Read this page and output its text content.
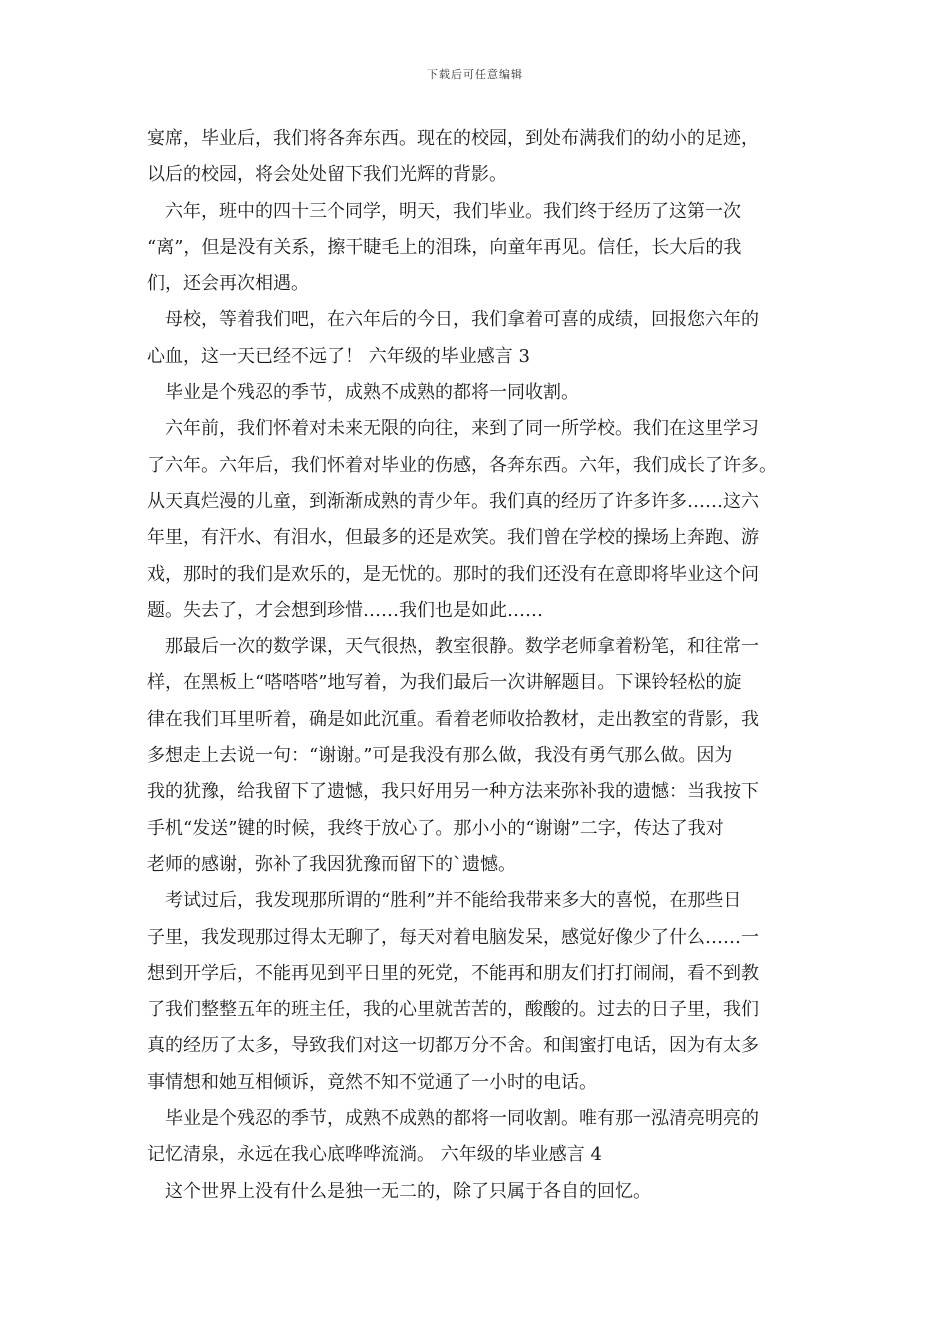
下载后可任意编辑
宴席，毕业后，我们将各奔东西。现在的校园，到处布满我们的幼小的足迹，
以后的校园，将会处处留下我们光辉的背影。
六年，班中的四十三个同学，明天，我们毕业。我们终于经历了这第一次
“离”，但是没有关系，擦干睫毛上的泪珠，向童年再见。信任，长大后的我
们，还会再次相遇。
母校，等着我们吧，在六年后的今日，我们拿着可喜的成绩，回报您六年的
心血，这一天已经不远了！ 六年级的毕业感言 3
毕业是个残忍的季节，成熟不成熟的都将一同收割。
六年前，我们怀着对未来无限的向往，来到了同一所学校。我们在这里学习
了六年。六年后，我们怀着对毕业的伤感，各奔东西。六年，我们成长了许多。
从天真烂漫的儿童，到渐渐成熟的青少年。我们真的经历了许多许多……这六
年里，有汗水、有泪水，但最多的还是欢笑。我们曾在学校的操场上奔跑、游
戏，那时的我们是欢乐的，是无忧的。那时的我们还没有在意即将毕业这个问
题。失去了，才会想到珍惜……我们也是如此……
那最后一次的数学课，天气很热，教室很静。数学老师拿着粉笔，和往常一
样，在黑板上“嗒嗒嗒”地写着，为我们最后一次讲解题目。下课铃轻松的旋
律在我们耳里听着，确是如此沉重。看着老师收拾教材，走出教室的背影，我
多想走上去说一句：“谢谢。”可是我没有那么做，我没有勇气那么做。因为
我的犹豫，给我留下了遗憾，我只好用另一种方法来弥补我的遗憾：当我按下
手机“发送”键的时候，我终于放心了。那小小的“谢谢”二字，传达了我对
老师的感谢，弥补了我因犹豫而留下的`遗憾。
考试过后，我发现那所谓的“胜利”并不能给我带来多大的喜悦，在那些日
子里，我发现那过得太无聊了，每天对着电脑发呆，感觉好像少了什么……一
想到开学后，不能再见到平日里的死党，不能再和朋友们打打闹闹，看不到教
了我们整整五年的班主任，我的心里就苦苦的，酸酸的。过去的日子里，我们
真的经历了太多，导致我们对这一切都万分不舍。和闺蜜打电话，因为有太多
事情想和她互相倾诉，竟然不知不觉通了一小时的电话。
毕业是个残忍的季节，成熟不成熟的都将一同收割。唯有那一泓清亮明亮的
记忆清泉，永远在我心底哗哗流淌。 六年级的毕业感言 4
这个世界上没有什么是独一无二的，除了只属于各自的回忆。
